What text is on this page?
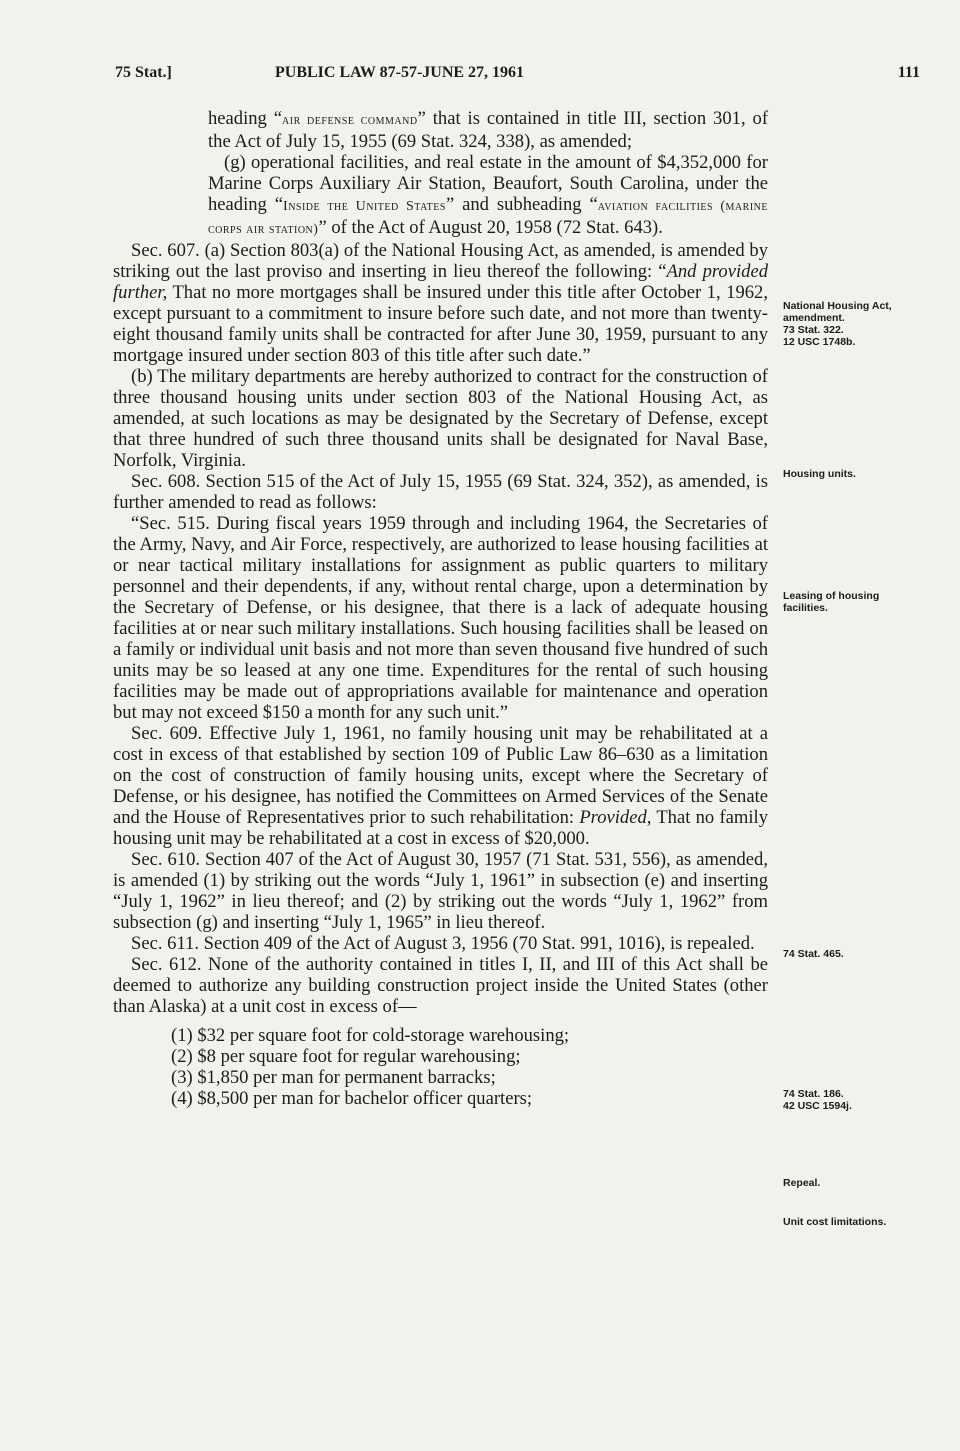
75 Stat.]	PUBLIC LAW 87-57-JUNE 27, 1961	111

heading “air defense command” that is contained in title III, section 301, of the Act of July 15, 1955 (69 Stat. 324, 338), as amended;

(g) operational facilities, and real estate in the amount of $4,352,000 for Marine Corps Auxiliary Air Station, Beaufort, South Carolina, under the heading “Inside the United States” and subheading “aviation facilities (marine corps air station)” of the Act of August 20, 1958 (72 Stat. 643).

Sec. 607. (a) Section 803(a) of the National Housing Act, as amended, is amended by striking out the last proviso and inserting in lieu thereof the following: “And provided further, That no more mortgages shall be insured under this title after October 1, 1962, except pursuant to a commitment to insure before such date, and not more than twenty-eight thousand family units shall be contracted for after June 30, 1959, pursuant to any mortgage insured under section 803 of this title after such date.”

(b) The military departments are hereby authorized to contract for the construction of three thousand housing units under section 803 of the National Housing Act, as amended, at such locations as may be designated by the Secretary of Defense, except that three hundred of such three thousand units shall be designated for Naval Base, Norfolk, Virginia.

Sec. 608. Section 515 of the Act of July 15, 1955 (69 Stat. 324, 352), as amended, is further amended to read as follows:

“Sec. 515. During fiscal years 1959 through and including 1964, the Secretaries of the Army, Navy, and Air Force, respectively, are authorized to lease housing facilities at or near tactical military installations for assignment as public quarters to military personnel and their dependents, if any, without rental charge, upon a determination by the Secretary of Defense, or his designee, that there is a lack of adequate housing facilities at or near such military installations. Such housing facilities shall be leased on a family or individual unit basis and not more than seven thousand five hundred of such units may be so leased at any one time. Expenditures for the rental of such housing facilities may be made out of appropriations available for maintenance and operation but may not exceed $150 a month for any such unit.”

Sec. 609. Effective July 1, 1961, no family housing unit may be rehabilitated at a cost in excess of that established by section 109 of Public Law 86–630 as a limitation on the cost of construction of family housing units, except where the Secretary of Defense, or his designee, has notified the Committees on Armed Services of the Senate and the House of Representatives prior to such rehabilitation: Provided, That no family housing unit may be rehabilitated at a cost in excess of $20,000.

Sec. 610. Section 407 of the Act of August 30, 1957 (71 Stat. 531, 556), as amended, is amended (1) by striking out the words “July 1, 1961” in subsection (e) and inserting “July 1, 1962” in lieu thereof; and (2) by striking out the words “July 1, 1962” from subsection (g) and inserting “July 1, 1965” in lieu thereof.

Sec. 611. Section 409 of the Act of August 3, 1956 (70 Stat. 991, 1016), is repealed.

Sec. 612. None of the authority contained in titles I, II, and III of this Act shall be deemed to authorize any building construction project inside the United States (other than Alaska) at a unit cost in excess of—

(1) $32 per square foot for cold-storage warehousing;

(2) $8 per square foot for regular warehousing;

(3) $1,850 per man for permanent barracks;

(4) $8,500 per man for bachelor officer quarters;

National Housing Act, amendment.
73 Stat. 322.
12 USC 1748b.
Housing units.
Leasing of housing facilities.
74 Stat. 465.
74 Stat. 186.
42 USC 1594j.
Repeal.
Unit cost limitations.
